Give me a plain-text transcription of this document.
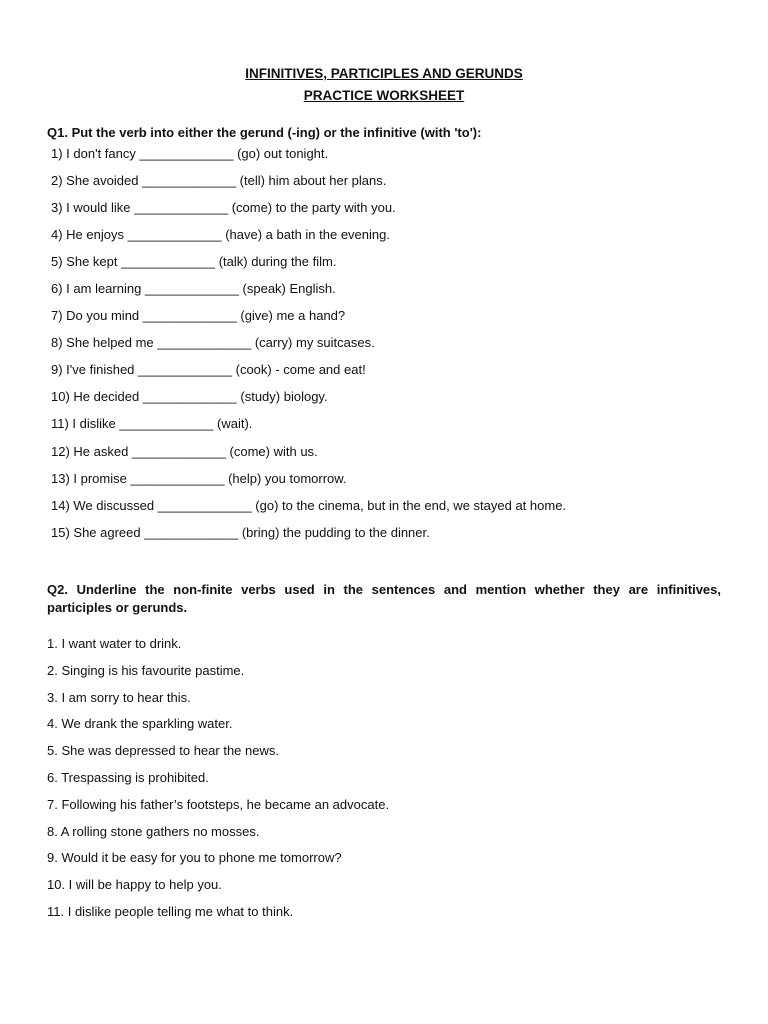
INFINITIVES, PARTICIPLES AND GERUNDS
PRACTICE WORKSHEET
Q1. Put the verb into either the gerund (-ing) or the infinitive (with 'to'):
1) I don't fancy _____________ (go) out tonight.
2) She avoided _____________ (tell) him about her plans.
3) I would like _____________ (come) to the party with you.
4) He enjoys _____________ (have) a bath in the evening.
5) She kept _____________ (talk) during the film.
6) I am learning _____________ (speak) English.
7) Do you mind _____________ (give) me a hand?
8) She helped me _____________ (carry) my suitcases.
9) I've finished _____________ (cook) - come and eat!
10) He decided _____________ (study) biology.
11) I dislike _____________ (wait).
12) He asked _____________ (come) with us.
13) I promise _____________ (help) you tomorrow.
14) We discussed _____________ (go) to the cinema, but in the end, we stayed at home.
15) She agreed _____________ (bring) the pudding to the dinner.
Q2. Underline the non-finite verbs used in the sentences and mention whether they are infinitives,
participles or gerunds.
1. I want water to drink.
2. Singing is his favourite pastime.
3. I am sorry to hear this.
4. We drank the sparkling water.
5. She was depressed to hear the news.
6. Trespassing is prohibited.
7. Following his father’s footsteps, he became an advocate.
8. A rolling stone gathers no mosses.
9. Would it be easy for you to phone me tomorrow?
10. I will be happy to help you.
11. I dislike people telling me what to think.
